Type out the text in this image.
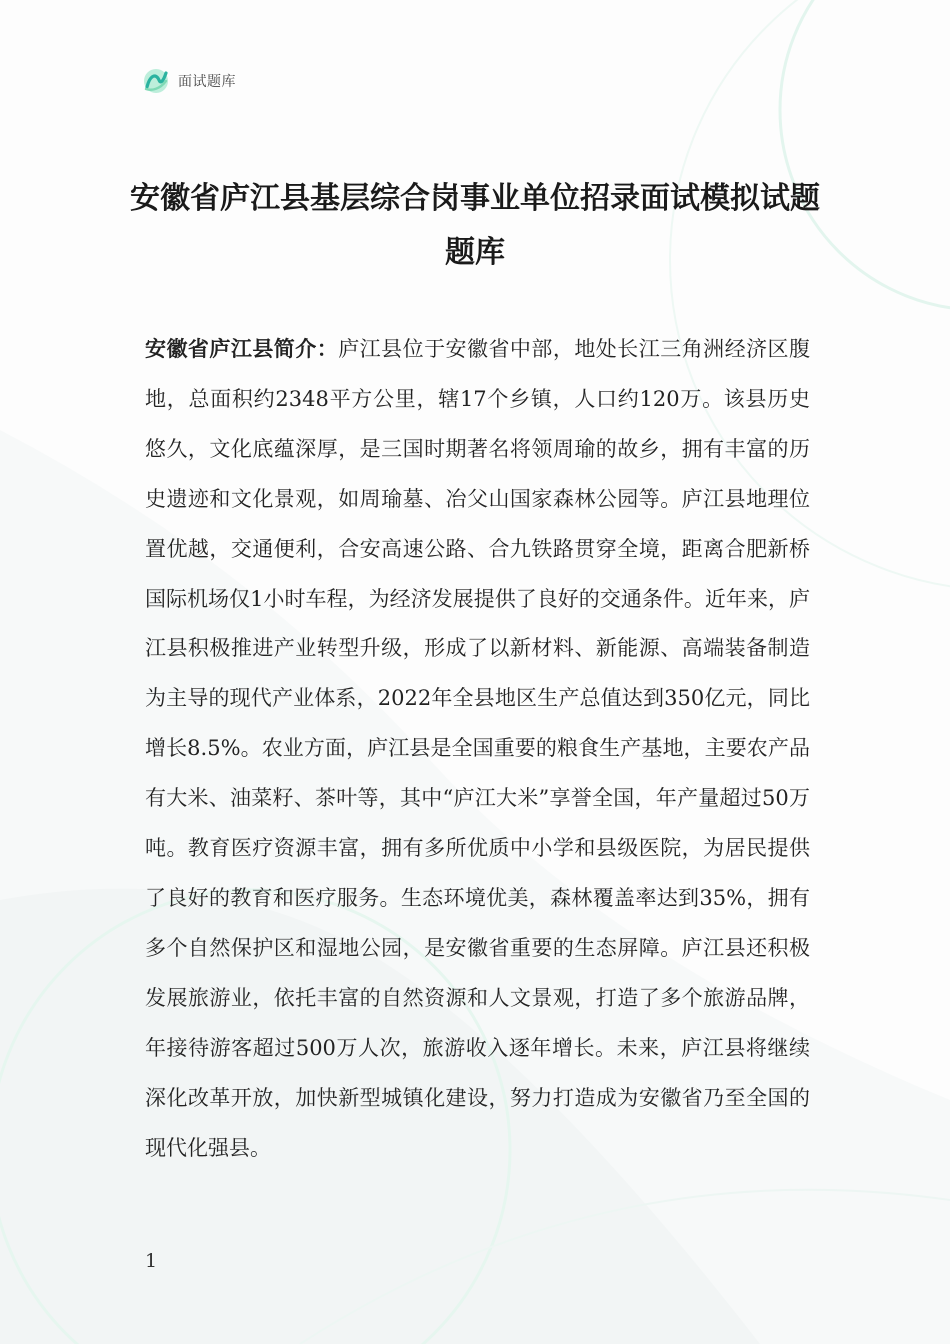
面试题库
安徽省庐江县基层综合岗事业单位招录面试模拟试题题库

安徽省庐江县简介：庐江县位于安徽省中部，地处长江三角洲经济区腹地，总面积约2348平方公里，辖17个乡镇，人口约120万。该县历史悠久，文化底蕴深厚，是三国时期著名将领周瑜的故乡，拥有丰富的历史遗迹和文化景观，如周瑜墓、冶父山国家森林公园等。庐江县地理位置优越，交通便利，合安高速公路、合九铁路贯穿全境，距离合肥新桥国际机场仅1小时车程，为经济发展提供了良好的交通条件。近年来，庐江县积极推进产业转型升级，形成了以新材料、新能源、高端装备制造为主导的现代产业体系，2022年全县地区生产总值达到350亿元，同比增长8.5%。农业方面，庐江县是全国重要的粮食生产基地，主要农产品有大米、油菜籽、茶叶等，其中“庐江大米”享誉全国，年产量超过50万吨。教育医疗资源丰富，拥有多所优质中小学和县级医院，为居民提供了良好的教育和医疗服务。生态环境优美，森林覆盖率达到35%，拥有多个自然保护区和湿地公园，是安徽省重要的生态屏障。庐江县还积极发展旅游业，依托丰富的自然资源和人文景观，打造了多个旅游品牌，年接待游客超过500万人次，旅游收入逐年增长。未来，庐江县将继续深化改革开放，加快新型城镇化建设，努力打造成为安徽省乃至全国的现代化强县。

1
